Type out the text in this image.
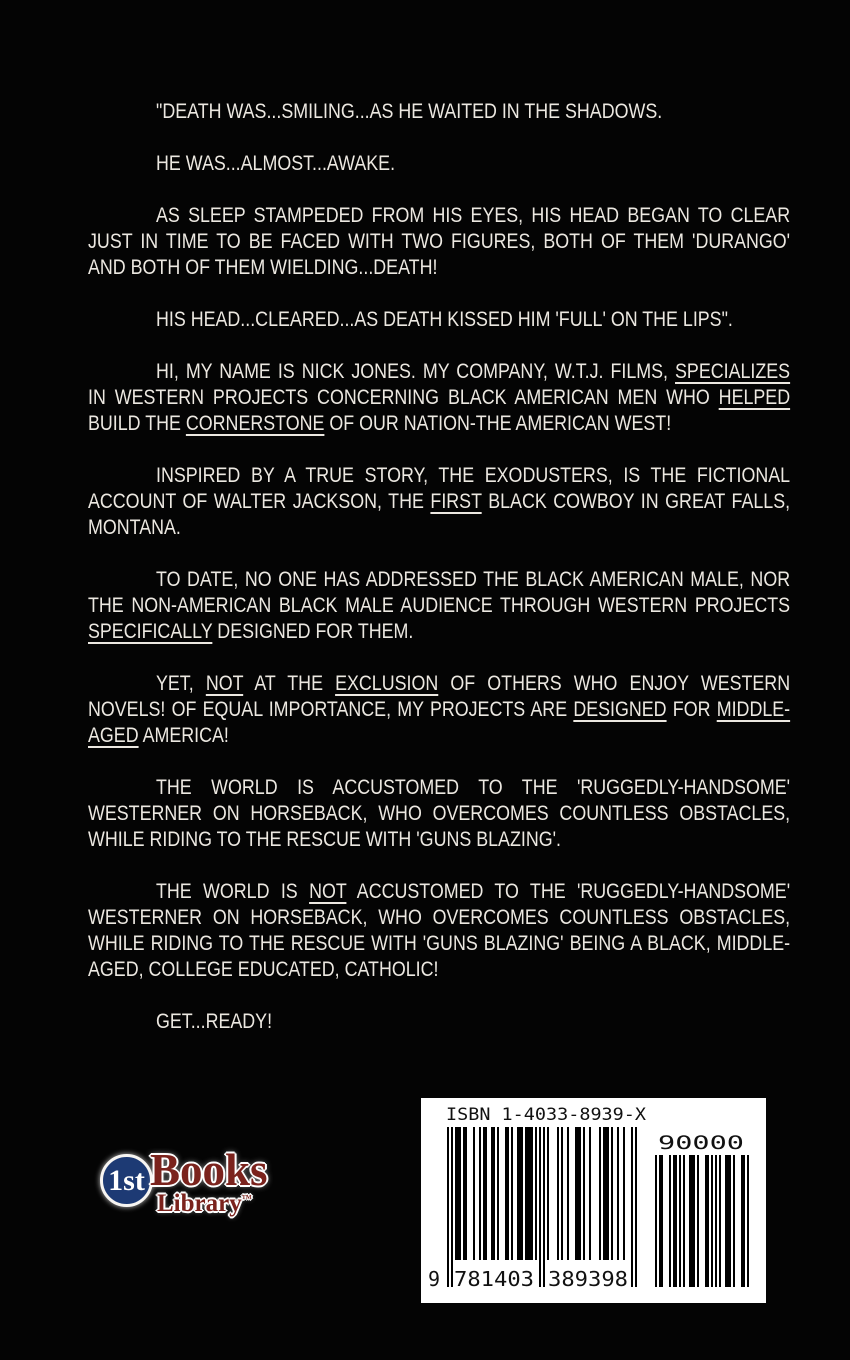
"DEATH WAS...SMILING...AS HE WAITED IN THE SHADOWS.

HE WAS...ALMOST...AWAKE.

AS SLEEP STAMPEDED FROM HIS EYES, HIS HEAD BEGAN TO CLEAR JUST IN TIME TO BE FACED WITH TWO FIGURES, BOTH OF THEM 'DURANGO' AND BOTH OF THEM WIELDING...DEATH!

HIS HEAD...CLEARED...AS DEATH KISSED HIM 'FULL' ON THE LIPS".

HI, MY NAME IS NICK JONES. MY COMPANY, W.T.J. FILMS, SPECIALIZES IN WESTERN PROJECTS CONCERNING BLACK AMERICAN MEN WHO HELPED BUILD THE CORNERSTONE OF OUR NATION-THE AMERICAN WEST!

INSPIRED BY A TRUE STORY, THE EXODUSTERS, IS THE FICTIONAL ACCOUNT OF WALTER JACKSON, THE FIRST BLACK COWBOY IN GREAT FALLS, MONTANA.

TO DATE, NO ONE HAS ADDRESSED THE BLACK AMERICAN MALE, NOR THE NON-AMERICAN BLACK MALE AUDIENCE THROUGH WESTERN PROJECTS SPECIFICALLY DESIGNED FOR THEM.

YET, NOT AT THE EXCLUSION OF OTHERS WHO ENJOY WESTERN NOVELS! OF EQUAL IMPORTANCE, MY PROJECTS ARE DESIGNED FOR MIDDLE-AGED AMERICA!

THE WORLD IS ACCUSTOMED TO THE 'RUGGEDLY-HANDSOME' WESTERNER ON HORSEBACK, WHO OVERCOMES COUNTLESS OBSTACLES, WHILE RIDING TO THE RESCUE WITH 'GUNS BLAZING'.

THE WORLD IS NOT ACCUSTOMED TO THE 'RUGGEDLY-HANDSOME' WESTERNER ON HORSEBACK, WHO OVERCOMES COUNTLESS OBSTACLES, WHILE RIDING TO THE RESCUE WITH 'GUNS BLAZING' BEING A BLACK, MIDDLE-AGED, COLLEGE EDUCATED, CATHOLIC!

GET...READY!

1st Books
Library™
ISBN 1-4033-8939-X
90000
9 781403 389398
